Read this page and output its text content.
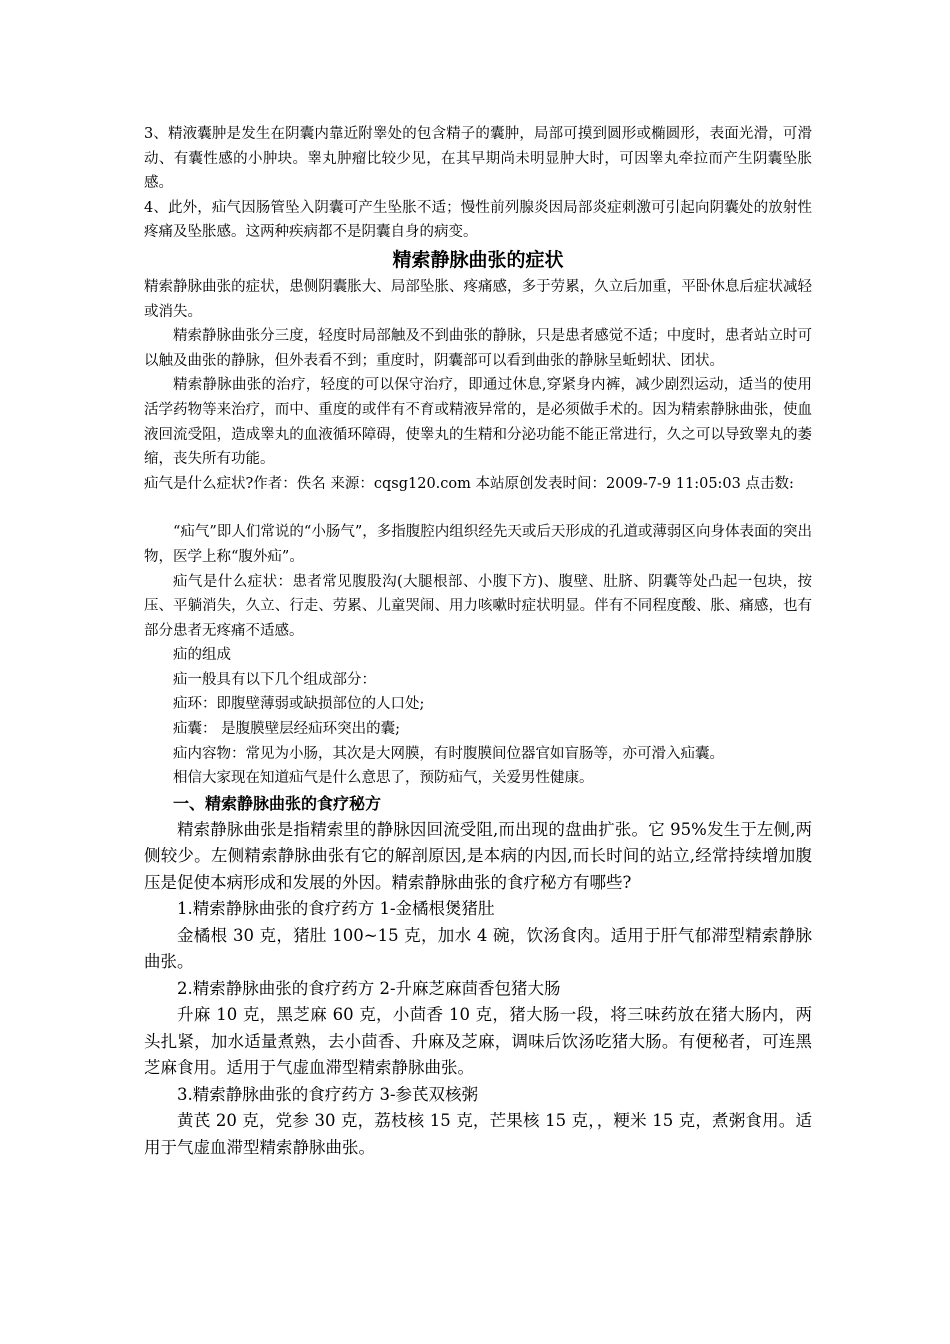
3、精液囊肿是发生在阴囊内靠近附睾处的包含精子的囊肿，局部可摸到圆形或椭圆形，表面光滑，可滑动、有囊性感的小肿块。睾丸肿瘤比较少见，在其早期尚未明显肿大时，可因睾丸牵拉而产生阴囊坠胀感。

4、此外，疝气因肠管坠入阴囊可产生坠胀不适；慢性前列腺炎因局部炎症刺激可引起向阴囊处的放射性疼痛及坠胀感。这两种疾病都不是阴囊自身的病变。

精索静脉曲张的症状

精索静脉曲张的症状，患侧阴囊胀大、局部坠胀、疼痛感，多于劳累，久立后加重，平卧休息后症状减轻或消失。

精索静脉曲张分三度，轻度时局部触及不到曲张的静脉，只是患者感觉不适；中度时，患者站立时可以触及曲张的静脉，但外表看不到；重度时，阴囊部可以看到曲张的静脉呈蚯蚓状、团状。

精索静脉曲张的治疗，轻度的可以保守治疗，即通过休息,穿紧身内裤，减少剧烈运动，适当的使用活学药物等来治疗，而中、重度的或伴有不育或精液异常的，是必须做手术的。因为精索静脉曲张，使血液回流受阻，造成睾丸的血液循环障碍，使睾丸的生精和分泌功能不能正常进行，久之可以导致睾丸的萎缩，丧失所有功能。

疝气是什么症状?作者：佚名 来源：cqsg120.com 本站原创发表时间：2009-7-9 11:05:03 点击数:

“疝气”即人们常说的“小肠气”，多指腹腔内组织经先天或后天形成的孔道或薄弱区向身体表面的突出物，医学上称“腹外疝”。

疝气是什么症状：患者常见腹股沟(大腿根部、小腹下方)、腹壁、肚脐、阴囊等处凸起一包块，按压、平躺消失，久立、行走、劳累、儿童哭闹、用力咳嗽时症状明显。伴有不同程度酸、胀、痛感，也有部分患者无疼痛不适感。

疝的组成

疝一般具有以下几个组成部分：

疝环：即腹壁薄弱或缺损部位的人口处;

疝囊： 是腹膜壁层经疝环突出的囊;

疝内容物：常见为小肠，其次是大网膜，有时腹膜间位器官如盲肠等，亦可滑入疝囊。

相信大家现在知道疝气是什么意思了，预防疝气，关爱男性健康。

一、精索静脉曲张的食疗秘方

精索静脉曲张是指精索里的静脉因回流受阻,而出现的盘曲扩张。它 95%发生于左侧,两侧较少。左侧精索静脉曲张有它的解剖原因,是本病的内因,而长时间的站立,经常持续增加腹压是促使本病形成和发展的外因。精索静脉曲张的食疗秘方有哪些?

1.精索静脉曲张的食疗药方 1-金橘根煲猪肚

金橘根 30 克，猪肚 100~15 克，加水 4 碗，饮汤食肉。适用于肝气郁滞型精索静脉曲张。

2.精索静脉曲张的食疗药方 2-升麻芝麻茴香包猪大肠

升麻 10 克，黑芝麻 60 克，小茴香 10 克，猪大肠一段，将三味药放在猪大肠内，两头扎紧，加水适量煮熟，去小茴香、升麻及芝麻，调味后饮汤吃猪大肠。有便秘者，可连黑芝麻食用。适用于气虚血滞型精索静脉曲张。

3.精索静脉曲张的食疗药方 3-参芪双核粥

黄芪 20 克，党参 30 克，荔枝核 15 克，芒果核 15 克，，粳米 15 克，煮粥食用。适用于气虚血滞型精索静脉曲张。
